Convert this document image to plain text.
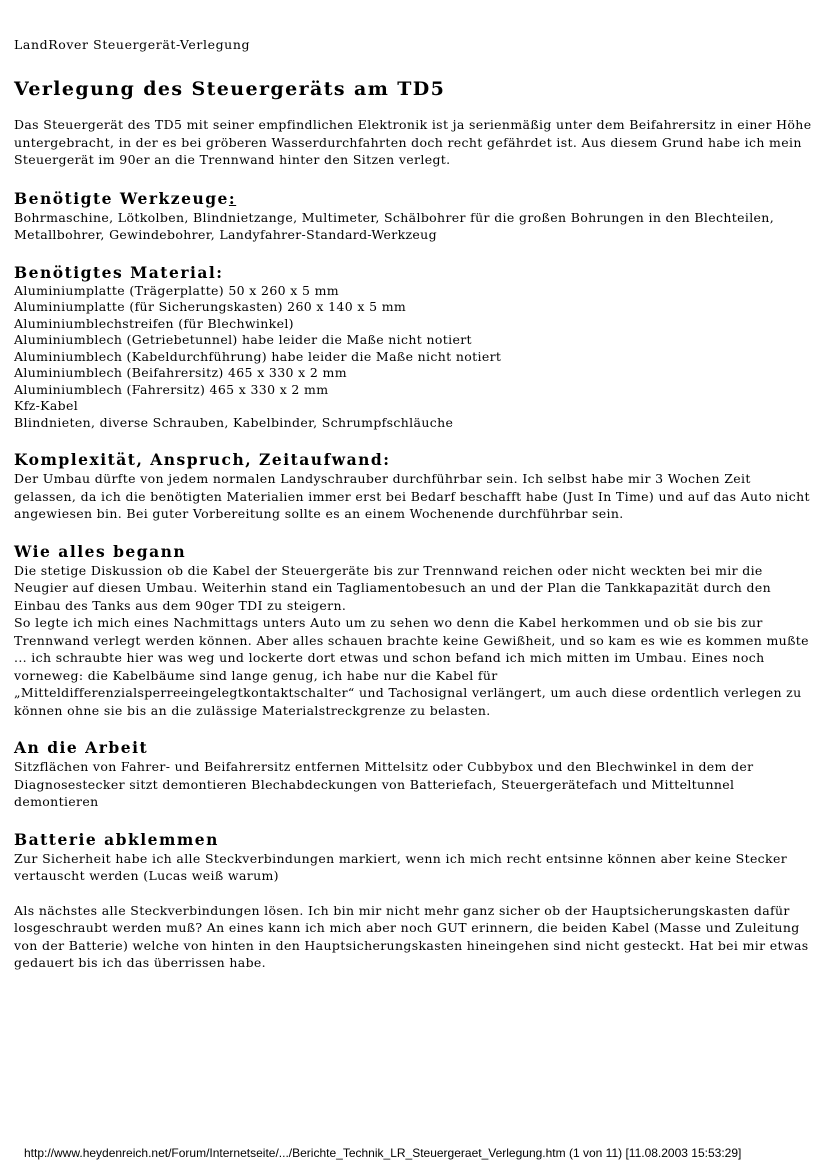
LandRover Steuergerät-Verlegung
Verlegung des Steuergeräts am TD5

Das Steuergerät des TD5 mit seiner empfindlichen Elektronik ist ja serienmäßig unter dem Beifahrersitz in einer Höhe untergebracht, in der es bei gröberen Wasserdurchfahrten doch recht gefährdet ist. Aus diesem Grund habe ich mein Steuergerät im 90er an die Trennwand hinter den Sitzen verlegt.

Benötigte Werkzeuge:

Bohrmaschine, Lötkolben, Blindnietzange, Multimeter, Schälbohrer für die großen Bohrungen in den Blechteilen, Metallbohrer, Gewindebohrer, Landyfahrer-Standard-Werkzeug

Benötigtes Material:
Aluminiumplatte (Trägerplatte) 50 x 260 x 5 mm
Aluminiumplatte (für Sicherungskasten) 260 x 140 x 5 mm
Aluminiumblechstreifen (für Blechwinkel)
Aluminiumblech (Getriebetunnel) habe leider die Maße nicht notiert
Aluminiumblech (Kabeldurchführung) habe leider die Maße nicht notiert
Aluminiumblech (Beifahrersitz) 465 x 330 x 2 mm
Aluminiumblech (Fahrersitz) 465 x 330 x 2 mm
Kfz-Kabel
Blindnieten, diverse Schrauben, Kabelbinder, Schrumpfschläuche
Komplexität, Anspruch, Zeitaufwand:

Der Umbau dürfte von jedem normalen Landyschrauber durchführbar sein. Ich selbst habe mir 3 Wochen Zeit gelassen, da ich die benötigten Materialien immer erst bei Bedarf beschafft habe (Just In Time) und auf das Auto nicht angewiesen bin. Bei guter Vorbereitung sollte es an einem Wochenende durchführbar sein.

Wie alles begann

Die stetige Diskussion ob die Kabel der Steuergeräte bis zur Trennwand reichen oder nicht weckten bei mir die Neugier auf diesen Umbau. Weiterhin stand ein Tagliamentobesuch an und der Plan die Tankkapazität durch den Einbau des Tanks aus dem 90ger TDI zu steigern.

So legte ich mich eines Nachmittags unters Auto um zu sehen wo denn die Kabel herkommen und ob sie bis zur Trennwand verlegt werden können. Aber alles schauen brachte keine Gewißheit, und so kam es wie es kommen mußte ... ich schraubte hier was weg und lockerte dort etwas und schon befand ich mich mitten im Umbau. Eines noch vorneweg: die Kabelbäume sind lange genug, ich habe nur die Kabel für „Mitteldifferenzialsperreeingelegtkontaktschalter“ und Tachosignal verlängert, um auch diese ordentlich verlegen zu können ohne sie bis an die zulässige Materialstreckgrenze zu belasten.

An die Arbeit

Sitzflächen von Fahrer- und Beifahrersitz entfernen Mittelsitz oder Cubbybox und den Blechwinkel in dem der Diagnosestecker sitzt demontieren Blechabdeckungen von Batteriefach, Steuergerätefach und Mitteltunnel demontieren

Batterie abklemmen

Zur Sicherheit habe ich alle Steckverbindungen markiert, wenn ich mich recht entsinne können aber keine Stecker vertauscht werden (Lucas weiß warum)

Als nächstes alle Steckverbindungen lösen. Ich bin mir nicht mehr ganz sicher ob der Hauptsicherungskasten dafür losgeschraubt werden muß? An eines kann ich mich aber noch GUT erinnern, die beiden Kabel (Masse und Zuleitung von der Batterie) welche von hinten in den Hauptsicherungskasten hineingehen sind nicht gesteckt. Hat bei mir etwas gedauert bis ich das überrissen habe.

http://www.heydenreich.net/Forum/Internetseite/.../Berichte_Technik_LR_Steuergeraet_Verlegung.htm (1 von 11) [11.08.2003 15:53:29]
